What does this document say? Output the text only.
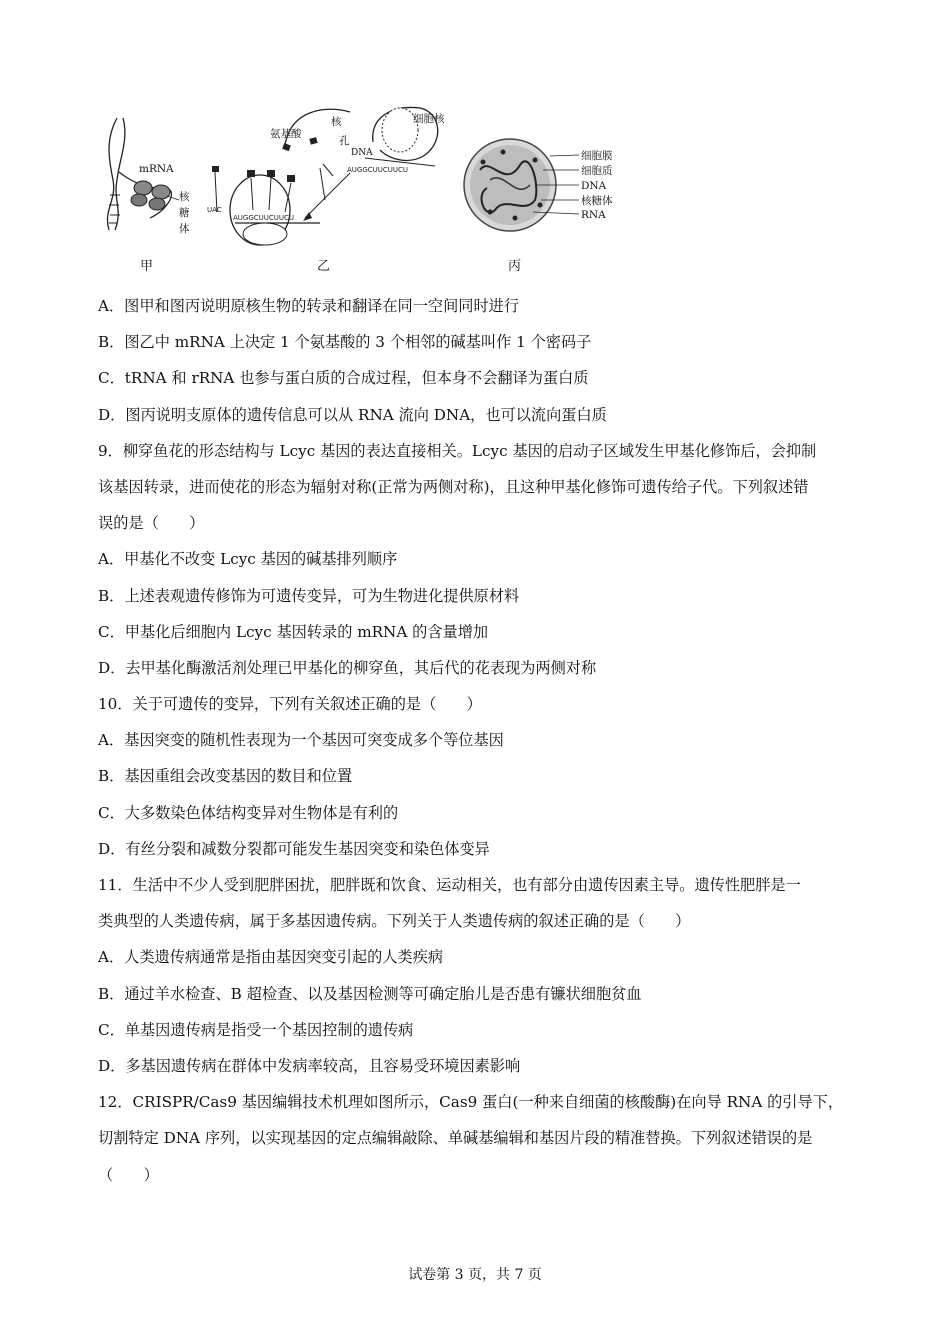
AUGGCUUCUUCU
AUGGCUUCUUCU
UAC
氨基酸
核
孔
DNA
细胞核
细胞膜
细胞质
DNA
核糖体
RNA
mRNA
核
糖
体
甲	乙	丙
A．图甲和图丙说明原核生物的转录和翻译在同一空间同时进行
B．图乙中 mRNA 上决定 1 个氨基酸的 3 个相邻的碱基叫作 1 个密码子
C．tRNA 和 rRNA 也参与蛋白质的合成过程，但本身不会翻译为蛋白质
D．图丙说明支原体的遗传信息可以从 RNA 流向 DNA，也可以流向蛋白质
9．柳穿鱼花的形态结构与 Lcyc 基因的表达直接相关。Lcyc 基因的启动子区域发生甲基化修饰后，会抑制
该基因转录，进而使花的形态为辐射对称(正常为两侧对称)，且这种甲基化修饰可遗传给子代。下列叙述错
误的是（　　）
A．甲基化不改变 Lcyc 基因的碱基排列顺序
B．上述表观遗传修饰为可遗传变异，可为生物进化提供原材料
C．甲基化后细胞内 Lcyc 基因转录的 mRNA 的含量增加
D．去甲基化酶激活剂处理已甲基化的柳穿鱼，其后代的花表现为两侧对称
10．关于可遗传的变异，下列有关叙述正确的是（　　）
A．基因突变的随机性表现为一个基因可突变成多个等位基因
B．基因重组会改变基因的数目和位置
C．大多数染色体结构变异对生物体是有利的
D．有丝分裂和减数分裂都可能发生基因突变和染色体变异
11．生活中不少人受到肥胖困扰，肥胖既和饮食、运动相关，也有部分由遗传因素主导。遗传性肥胖是一
类典型的人类遗传病，属于多基因遗传病。下列关于人类遗传病的叙述正确的是（　　）
A．人类遗传病通常是指由基因突变引起的人类疾病
B．通过羊水检查、B 超检查、以及基因检测等可确定胎儿是否患有镰状细胞贫血
C．单基因遗传病是指受一个基因控制的遗传病
D．多基因遗传病在群体中发病率较高，且容易受环境因素影响
12．CRISPR/Cas9 基因编辑技术机理如图所示，Cas9 蛋白(一种来自细菌的核酸酶)在向导 RNA 的引导下，
切割特定 DNA 序列，以实现基因的定点编辑敲除、单碱基编辑和基因片段的精准替换。下列叙述错误的是
（　　）
试卷第 3 页，共 7 页
